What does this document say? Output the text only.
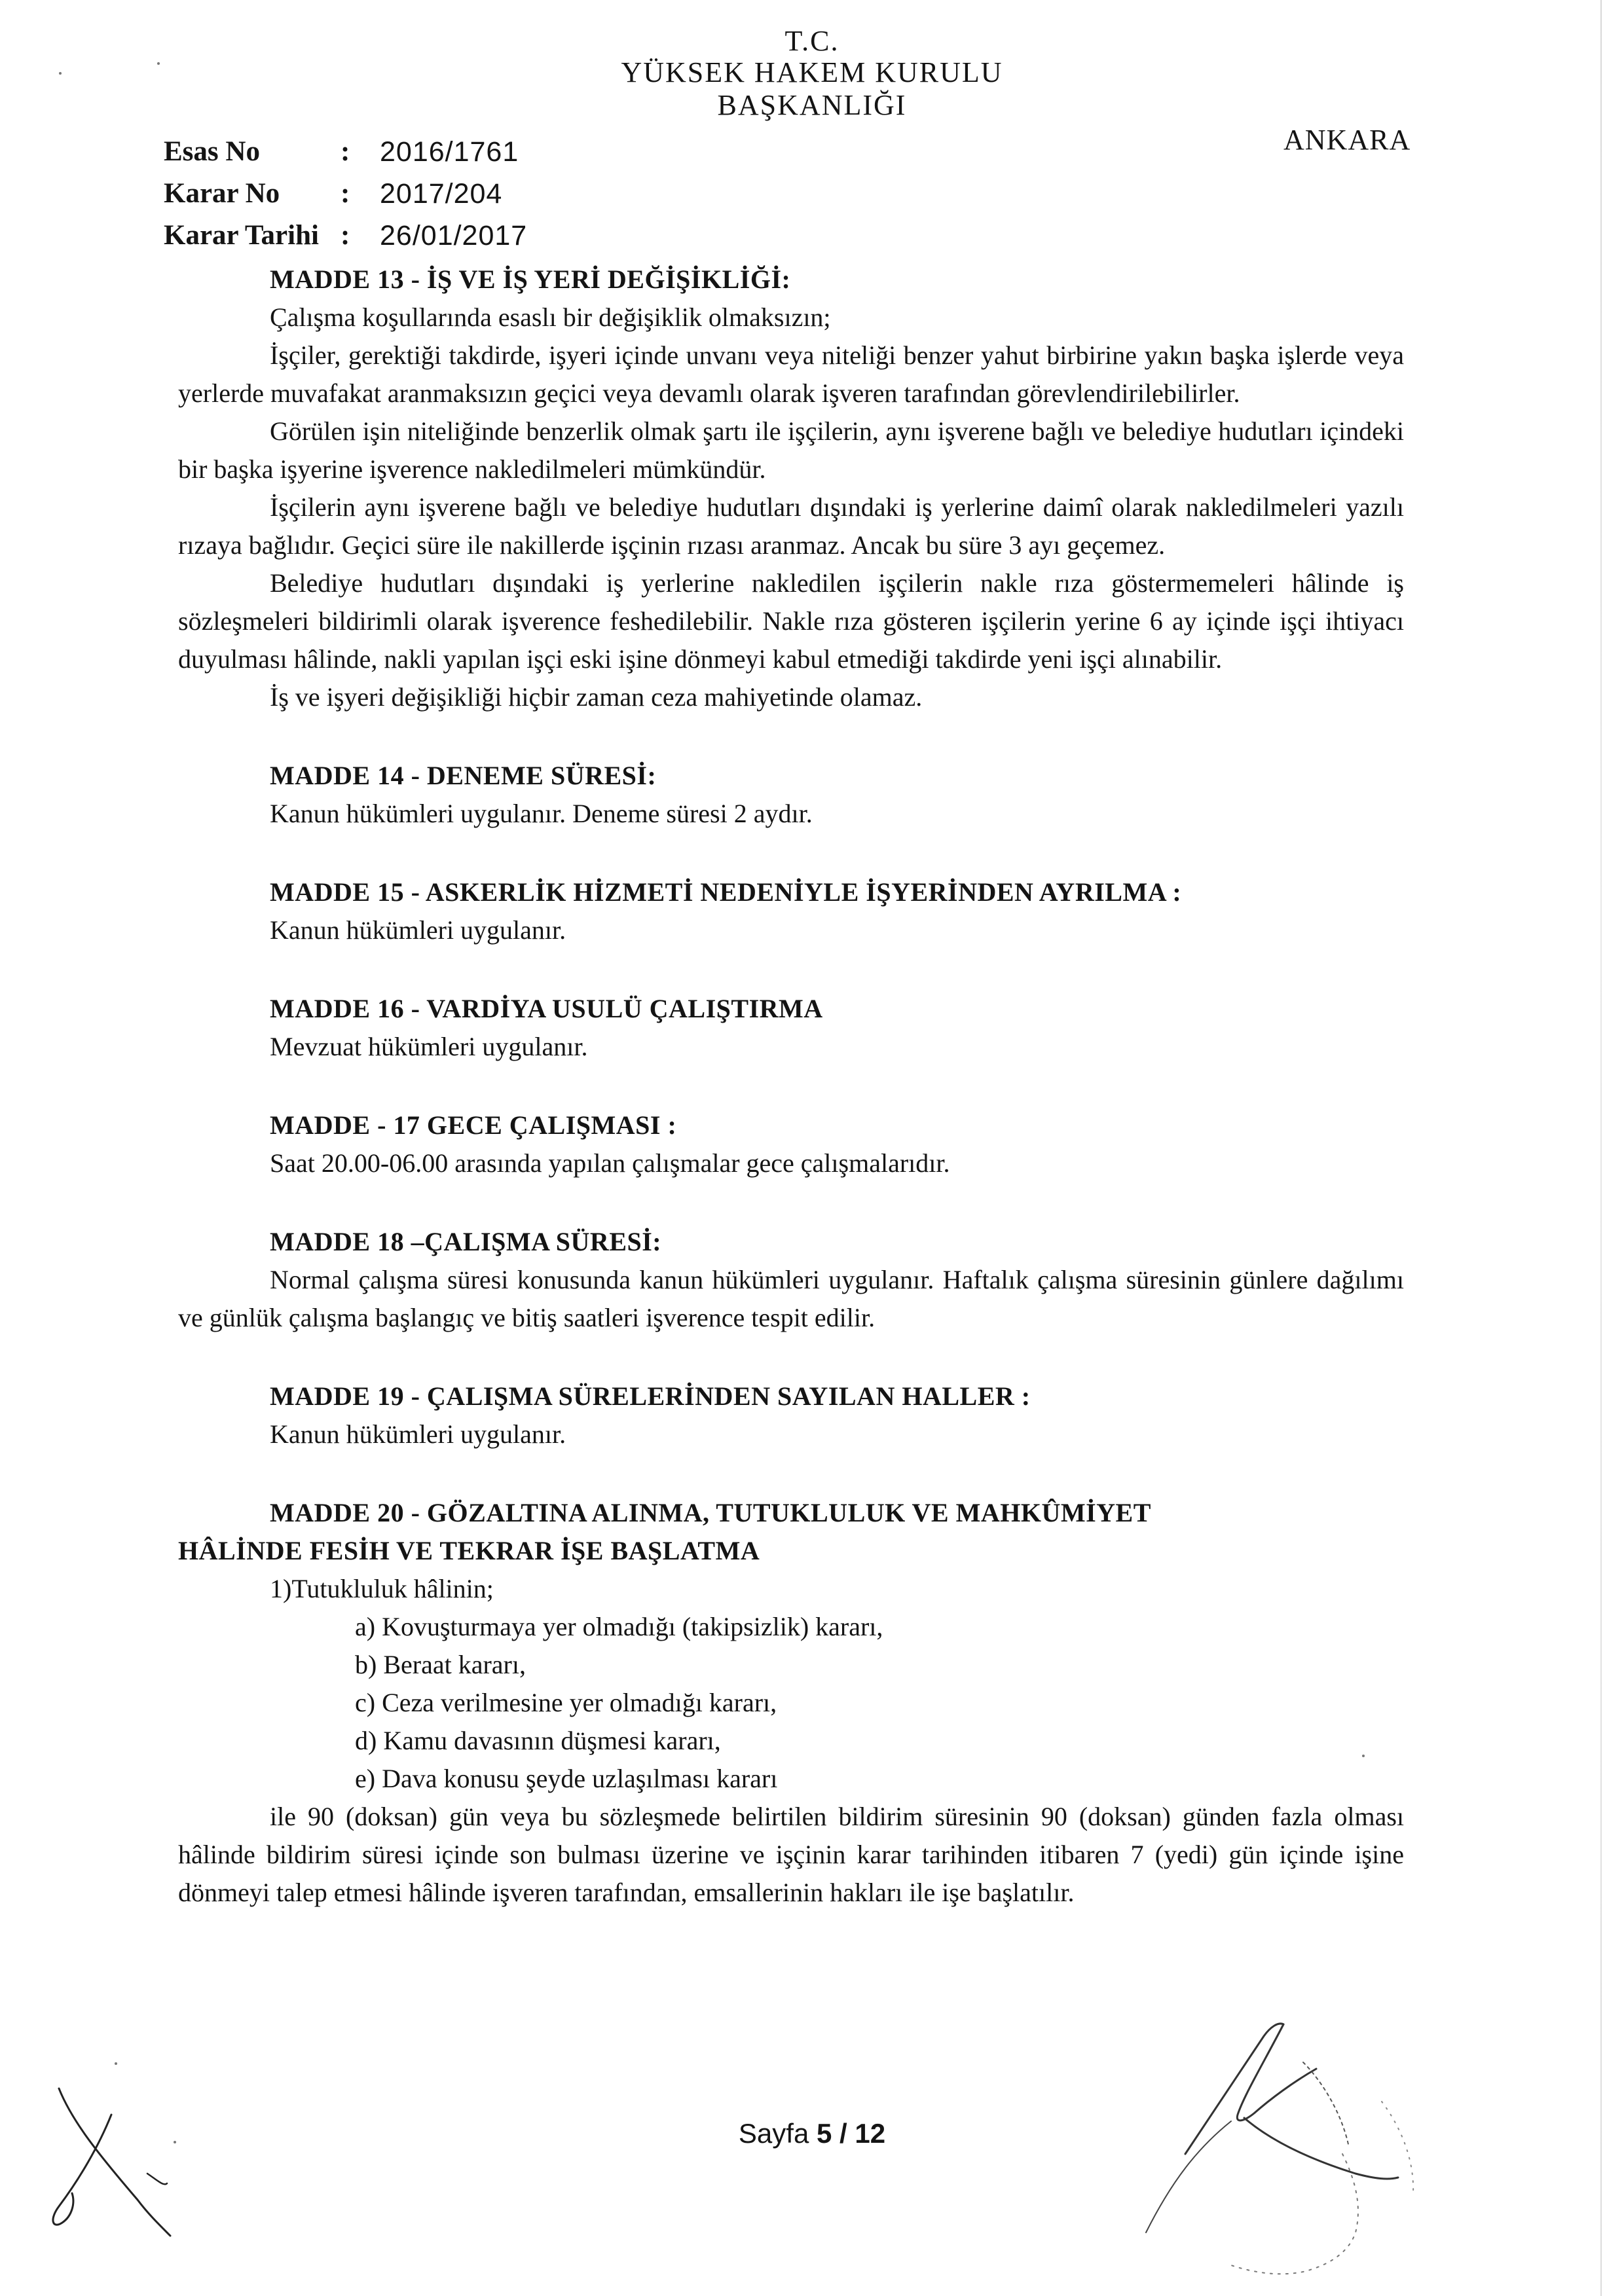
T.C.
YÜKSEK HAKEM KURULU
BAŞKANLIĞI
ANKARA
Esas No	:	2016/1761
Karar No	:	2017/204
Karar Tarihi :	26/01/2017

MADDE 13 - İŞ VE İŞ YERİ DEĞİŞİKLİĞİ:

Çalışma koşullarında esaslı bir değişiklik olmaksızın;

İşçiler, gerektiği takdirde, işyeri içinde unvanı veya niteliği benzer yahut birbirine yakın başka işlerde veya yerlerde muvafakat aranmaksızın geçici veya devamlı olarak işveren tarafından görevlendirilebilirler.

Görülen işin niteliğinde benzerlik olmak şartı ile işçilerin, aynı işverene bağlı ve belediye hudutları içindeki bir başka işyerine işverence nakledilmeleri mümkündür.

İşçilerin aynı işverene bağlı ve belediye hudutları dışındaki iş yerlerine daimî olarak nakledilmeleri yazılı rızaya bağlıdır. Geçici süre ile nakillerde işçinin rızası aranmaz. Ancak bu süre 3 ayı geçemez.

Belediye hudutları dışındaki iş yerlerine nakledilen işçilerin nakle rıza göstermemeleri hâlinde iş sözleşmeleri bildirimli olarak işverence feshedilebilir. Nakle rıza gösteren işçilerin yerine 6 ay içinde işçi ihtiyacı duyulması hâlinde, nakli yapılan işçi eski işine dönmeyi kabul etmediği takdirde yeni işçi alınabilir.

İş ve işyeri değişikliği hiçbir zaman ceza mahiyetinde olamaz.

MADDE 14 - DENEME SÜRESİ:

Kanun hükümleri uygulanır. Deneme süresi 2 aydır.

MADDE 15 - ASKERLİK HİZMETİ NEDENİYLE İŞYERİNDEN AYRILMA :

Kanun hükümleri uygulanır.

MADDE 16 - VARDİYA USULÜ ÇALIŞTIRMA

Mevzuat hükümleri uygulanır.

MADDE - 17 GECE ÇALIŞMASI :

Saat 20.00-06.00 arasında yapılan çalışmalar gece çalışmalarıdır.

MADDE 18 –ÇALIŞMA SÜRESİ:

Normal çalışma süresi konusunda kanun hükümleri uygulanır. Haftalık çalışma süresinin günlere dağılımı ve günlük çalışma başlangıç ve bitiş saatleri işverence tespit edilir.

MADDE 19 - ÇALIŞMA SÜRELERİNDEN SAYILAN HALLER :

Kanun hükümleri uygulanır.

MADDE 20 - GÖZALTINA ALINMA, TUTUKLULUK VE MAHKÛMİYET

HÂLİNDE FESİH VE TEKRAR İŞE BAŞLATMA

1)Tutukluluk hâlinin;

a) Kovuşturmaya yer olmadığı (takipsizlik) kararı,

b) Beraat kararı,

c) Ceza verilmesine yer olmadığı kararı,

d) Kamu davasının düşmesi kararı,

e) Dava konusu şeyde uzlaşılması kararı

ile 90 (doksan) gün veya bu sözleşmede belirtilen bildirim süresinin 90 (doksan) günden fazla olması hâlinde bildirim süresi içinde son bulması üzerine ve işçinin karar tarihinden itibaren 7 (yedi) gün içinde işine dönmeyi talep etmesi hâlinde işveren tarafından, emsallerinin hakları ile işe başlatılır.

Sayfa 5 / 12
